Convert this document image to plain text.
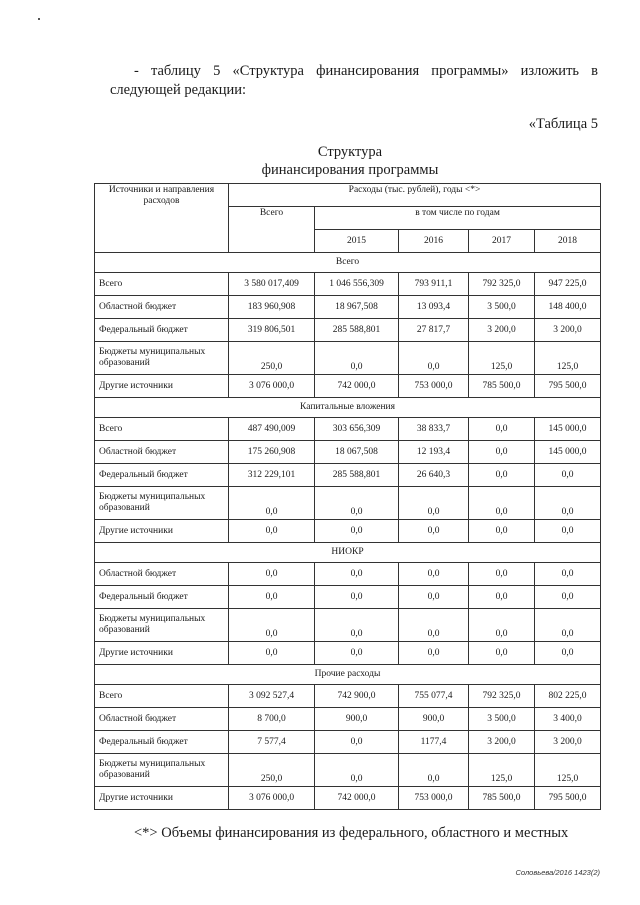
- таблицу 5 «Структура финансирования программы» изложить в следующей редакции:
«Таблица 5
Структура
финансирования программы
Источники и направления расходов	Расходы (тыс. рублей), годы <*>				
	Всего	в том числе по годам			
		2015	2016	2017	2018
Всего					
Всего	3 580 017,409	1 046 556,309	793 911,1	792 325,0	947 225,0
Областной бюджет	183 960,908	18 967,508	13 093,4	3 500,0	148 400,0
Федеральный бюджет	319 806,501	285 588,801	27 817,7	3 200,0	3 200,0
Бюджеты муниципальных образований	250,0	0,0	0,0	125,0	125,0
Другие источники	3 076 000,0	742 000,0	753 000,0	785 500,0	795 500,0
Капитальные вложения					
Всего	487 490,009	303 656,309	38 833,7	0,0	145 000,0
Областной бюджет	175 260,908	18 067,508	12 193,4	0,0	145 000,0
Федеральный бюджет	312 229,101	285 588,801	26 640,3	0,0	0,0
Бюджеты муниципальных образований	0,0	0,0	0,0	0,0	0,0
Другие источники	0,0	0,0	0,0	0,0	0,0
НИОКР					
Областной бюджет	0,0	0,0	0,0	0,0	0,0
Федеральный бюджет	0,0	0,0	0,0	0,0	0,0
Бюджеты муниципальных образований	0,0	0,0	0,0	0,0	0,0
Другие источники	0,0	0,0	0,0	0,0	0,0
Прочие расходы					
Всего	3 092 527,4	742 900,0	755 077,4	792 325,0	802 225,0
Областной бюджет	8 700,0	900,0	900,0	3 500,0	3 400,0
Федеральный бюджет	7 577,4	0,0	1177,4	3 200,0	3 200,0
Бюджеты муниципальных образований	250,0	0,0	0,0	125,0	125,0
Другие источники	3 076 000,0	742 000,0	753 000,0	785 500,0	795 500,0
<*> Объемы финансирования из федерального, областного и местных
Соловьева/2016 1423(2)
